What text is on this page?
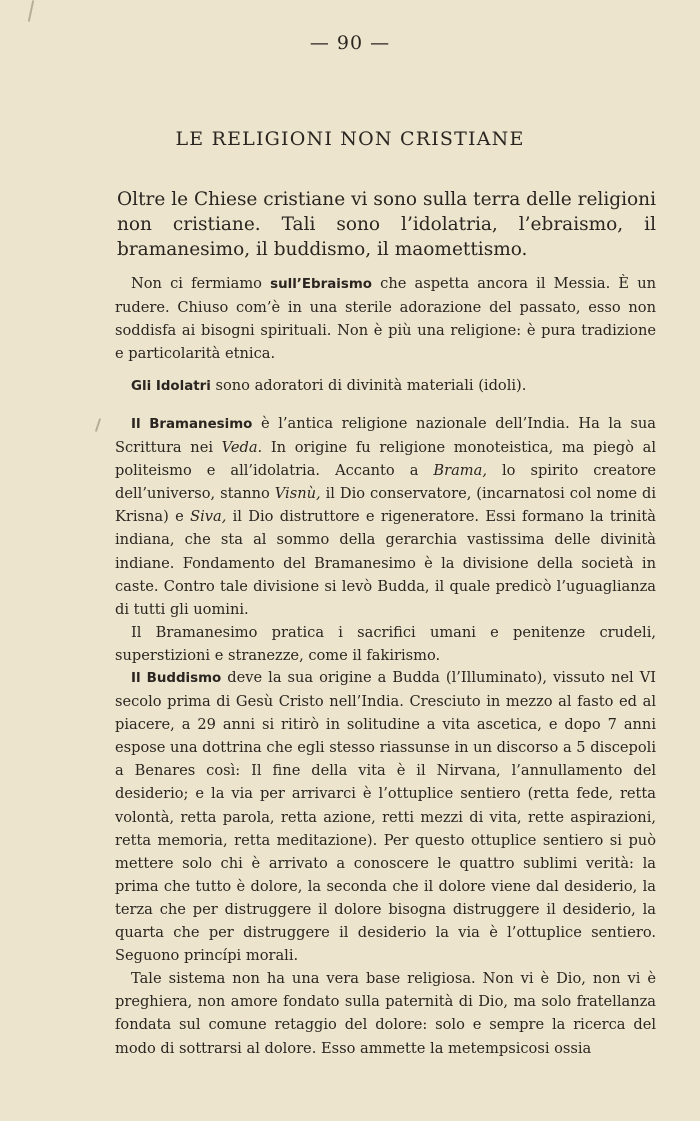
— 90 —
LE RELIGIONI NON CRISTIANE
Oltre le Chiese cristiane vi sono sulla terra delle religioni non cristiane. Tali sono l’idolatria, l’ebraismo, il bramanesimo, il buddismo, il maomettismo.

Non ci fermiamo sull’Ebraismo che aspetta ancora il Messia. È un rudere. Chiuso com’è in una sterile adorazione del passato, esso non soddisfa ai bisogni spirituali. Non è più una religione: è pura tradizione e particolarità etnica.

Gli Idolatri sono adoratori di divinità materiali (idoli).

Il Bramanesimo è l’antica religione nazionale dell’India. Ha la sua Scrittura nei Veda. In origine fu religione monoteistica, ma piegò al politeismo e all’idolatria. Accanto a Brama, lo spirito creatore dell’universo, stanno Visnù, il Dio conservatore, (incarnatosi col nome di Krisna) e Siva, il Dio distruttore e rigeneratore. Essi formano la trinità indiana, che sta al sommo della gerarchia vastissima delle divinità indiane. Fondamento del Bramanesimo è la divisione della società in caste. Contro tale divisione si levò Budda, il quale predicò l’uguaglianza di tutti gli uomini.

Il Bramanesimo pratica i sacrifici umani e penitenze crudeli, superstizioni e stranezze, come il fakirismo.

Il Buddismo deve la sua origine a Budda (l’Illuminato), vissuto nel VI secolo prima di Gesù Cristo nell’India. Cresciuto in mezzo al fasto ed al piacere, a 29 anni si ritirò in solitudine a vita ascetica, e dopo 7 anni espose una dottrina che egli stesso riassunse in un discorso a 5 discepoli a Benares così: Il fine della vita è il Nirvana, l’annullamento del desiderio; e la via per arrivarci è l’ottuplice sentiero (retta fede, retta volontà, retta parola, retta azione, retti mezzi di vita, rette aspirazioni, retta memoria, retta meditazione). Per questo ottuplice sentiero si può mettere solo chi è arrivato a conoscere le quattro sublimi verità: la prima che tutto è dolore, la seconda che il dolore viene dal desiderio, la terza che per distruggere il dolore bisogna distruggere il desiderio, la quarta che per distruggere il desiderio la via è l’ottuplice sentiero. Seguono princípi morali.

Tale sistema non ha una vera base religiosa. Non vi è Dio, non vi è preghiera, non amore fondato sulla paternità di Dio, ma solo fratellanza fondata sul comune retaggio del dolore: solo e sempre la ricerca del modo di sottrarsi al dolore. Esso ammette la metempsicosi ossia
